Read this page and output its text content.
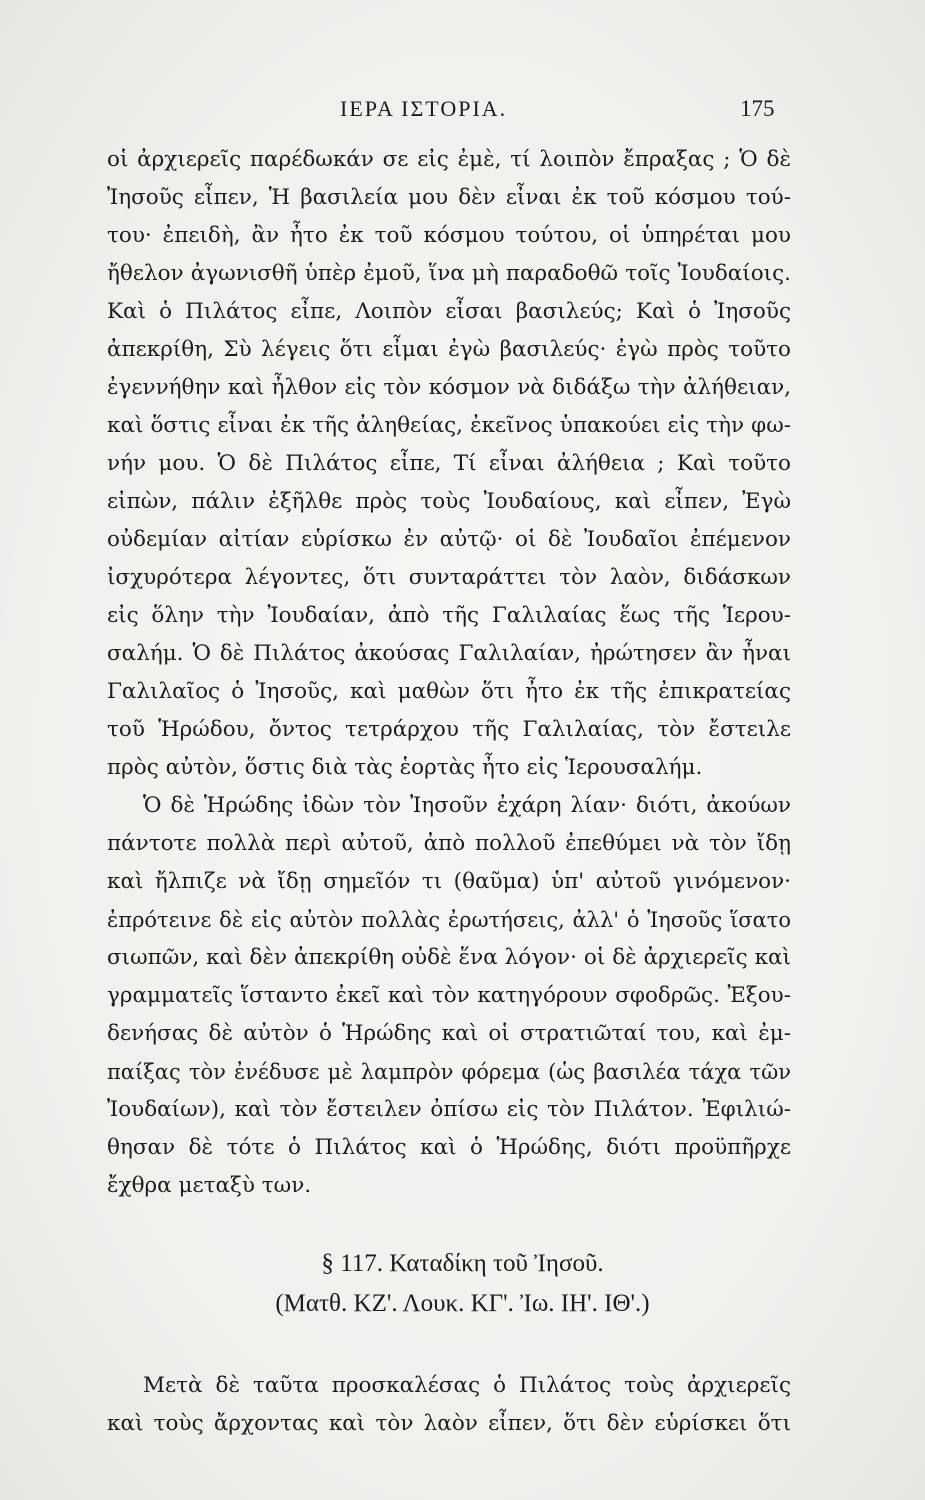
ΙΕΡΑ ΙΣΤΟΡΙΑ.	175
οἱ ἀρχιερεῖς παρέδωκάν σε εἰς ἐμὲ, τί λοιπὸν ἔπραξας ; Ὁ δὲ
Ἰησοῦς εἶπεν, Ἡ βασιλεία μου δὲν εἶναι ἐκ τοῦ κόσμου τού-
του· ἐπειδὴ, ἂν ἦτο ἐκ τοῦ κόσμου τούτου, οἱ ὑπηρέται μου
ἤθελον ἀγωνισθῆ ὑπὲρ ἐμοῦ, ἵνα μὴ παραδοθῶ τοῖς Ἰουδαίοις.
Καὶ ὁ Πιλάτος εἶπε, Λοιπὸν εἶσαι βασιλεύς; Καὶ ὁ Ἰησοῦς
ἀπεκρίθη, Σὺ λέγεις ὅτι εἶμαι ἐγὼ βασιλεύς· ἐγὼ πρὸς τοῦτο
ἐγεννήθην καὶ ἦλθον εἰς τὸν κόσμον νὰ διδάξω τὴν ἀλήθειαν,
καὶ ὅστις εἶναι ἐκ τῆς ἀληθείας, ἐκεῖνος ὑπακούει εἰς τὴν φω-
νήν μου. Ὁ δὲ Πιλάτος εἶπε, Τί εἶναι ἀλήθεια ; Καὶ τοῦτο
εἰπὼν, πάλιν ἐξῆλθε πρὸς τοὺς Ἰουδαίους, καὶ εἶπεν, Ἐγὼ
οὐδεμίαν αἰτίαν εὑρίσκω ἐν αὐτῷ· οἱ δὲ Ἰουδαῖοι ἐπέμενον
ἰσχυρότερα λέγοντες, ὅτι συνταράττει τὸν λαὸν, διδάσκων
εἰς ὅλην τὴν Ἰουδαίαν, ἀπὸ τῆς Γαλιλαίας ἕως τῆς Ἱερου-
σαλήμ. Ὁ δὲ Πιλάτος ἀκούσας Γαλιλαίαν, ἠρώτησεν ἂν ἦναι
Γαλιλαῖος ὁ Ἰησοῦς, καὶ μαθὼν ὅτι ἦτο ἐκ τῆς ἐπικρατείας
τοῦ Ἡρώδου, ὄντος τετράρχου τῆς Γαλιλαίας, τὸν ἔστειλε
πρὸς αὐτὸν, ὅστις διὰ τὰς ἑορτὰς ἦτο εἰς Ἱερουσαλήμ.
Ὁ δὲ Ἡρώδης ἰδὼν τὸν Ἰησοῦν ἐχάρη λίαν· διότι, ἀκούων
πάντοτε πολλὰ περὶ αὐτοῦ, ἀπὸ πολλοῦ ἐπεθύμει νὰ τὸν ἴδῃ
καὶ ἤλπιζε νὰ ἴδῃ σημεῖόν τι (θαῦμα) ὑπ' αὐτοῦ γινόμενον·
ἐπρότεινε δὲ εἰς αὐτὸν πολλὰς ἐρωτήσεις, ἀλλ' ὁ Ἰησοῦς ἵσατο
σιωπῶν, καὶ δὲν ἀπεκρίθη οὐδὲ ἕνα λόγον· οἱ δὲ ἀρχιερεῖς καὶ
γραμματεῖς ἵσταντο ἐκεῖ καὶ τὸν κατηγόρουν σφοδρῶς. Ἐξου-
δενήσας δὲ αὐτὸν ὁ Ἡρώδης καὶ οἱ στρατιῶταί του, καὶ ἐμ-
παίξας τὸν ἐνέδυσε μὲ λαμπρὸν φόρεμα (ὡς βασιλέα τάχα τῶν
Ἰουδαίων), καὶ τὸν ἔστειλεν ὀπίσω εἰς τὸν Πιλάτον. Ἐφιλιώ-
θησαν δὲ τότε ὁ Πιλάτος καὶ ὁ Ἡρώδης, διότι προϋπῆρχε
ἔχθρα μεταξὺ των.
§ 117. Καταδίκη τοῦ Ἰησοῦ.
(Ματθ. ΚΖ'. Λουκ. ΚΓ'. Ἰω. ΙΗ'. ΙΘ'.)
Μετὰ δὲ ταῦτα προσκαλέσας ὁ Πιλάτος τοὺς ἀρχιερεῖς
καὶ τοὺς ἄρχοντας καὶ τὸν λαὸν εἶπεν, ὅτι δὲν εὑρίσκει ὅτι
